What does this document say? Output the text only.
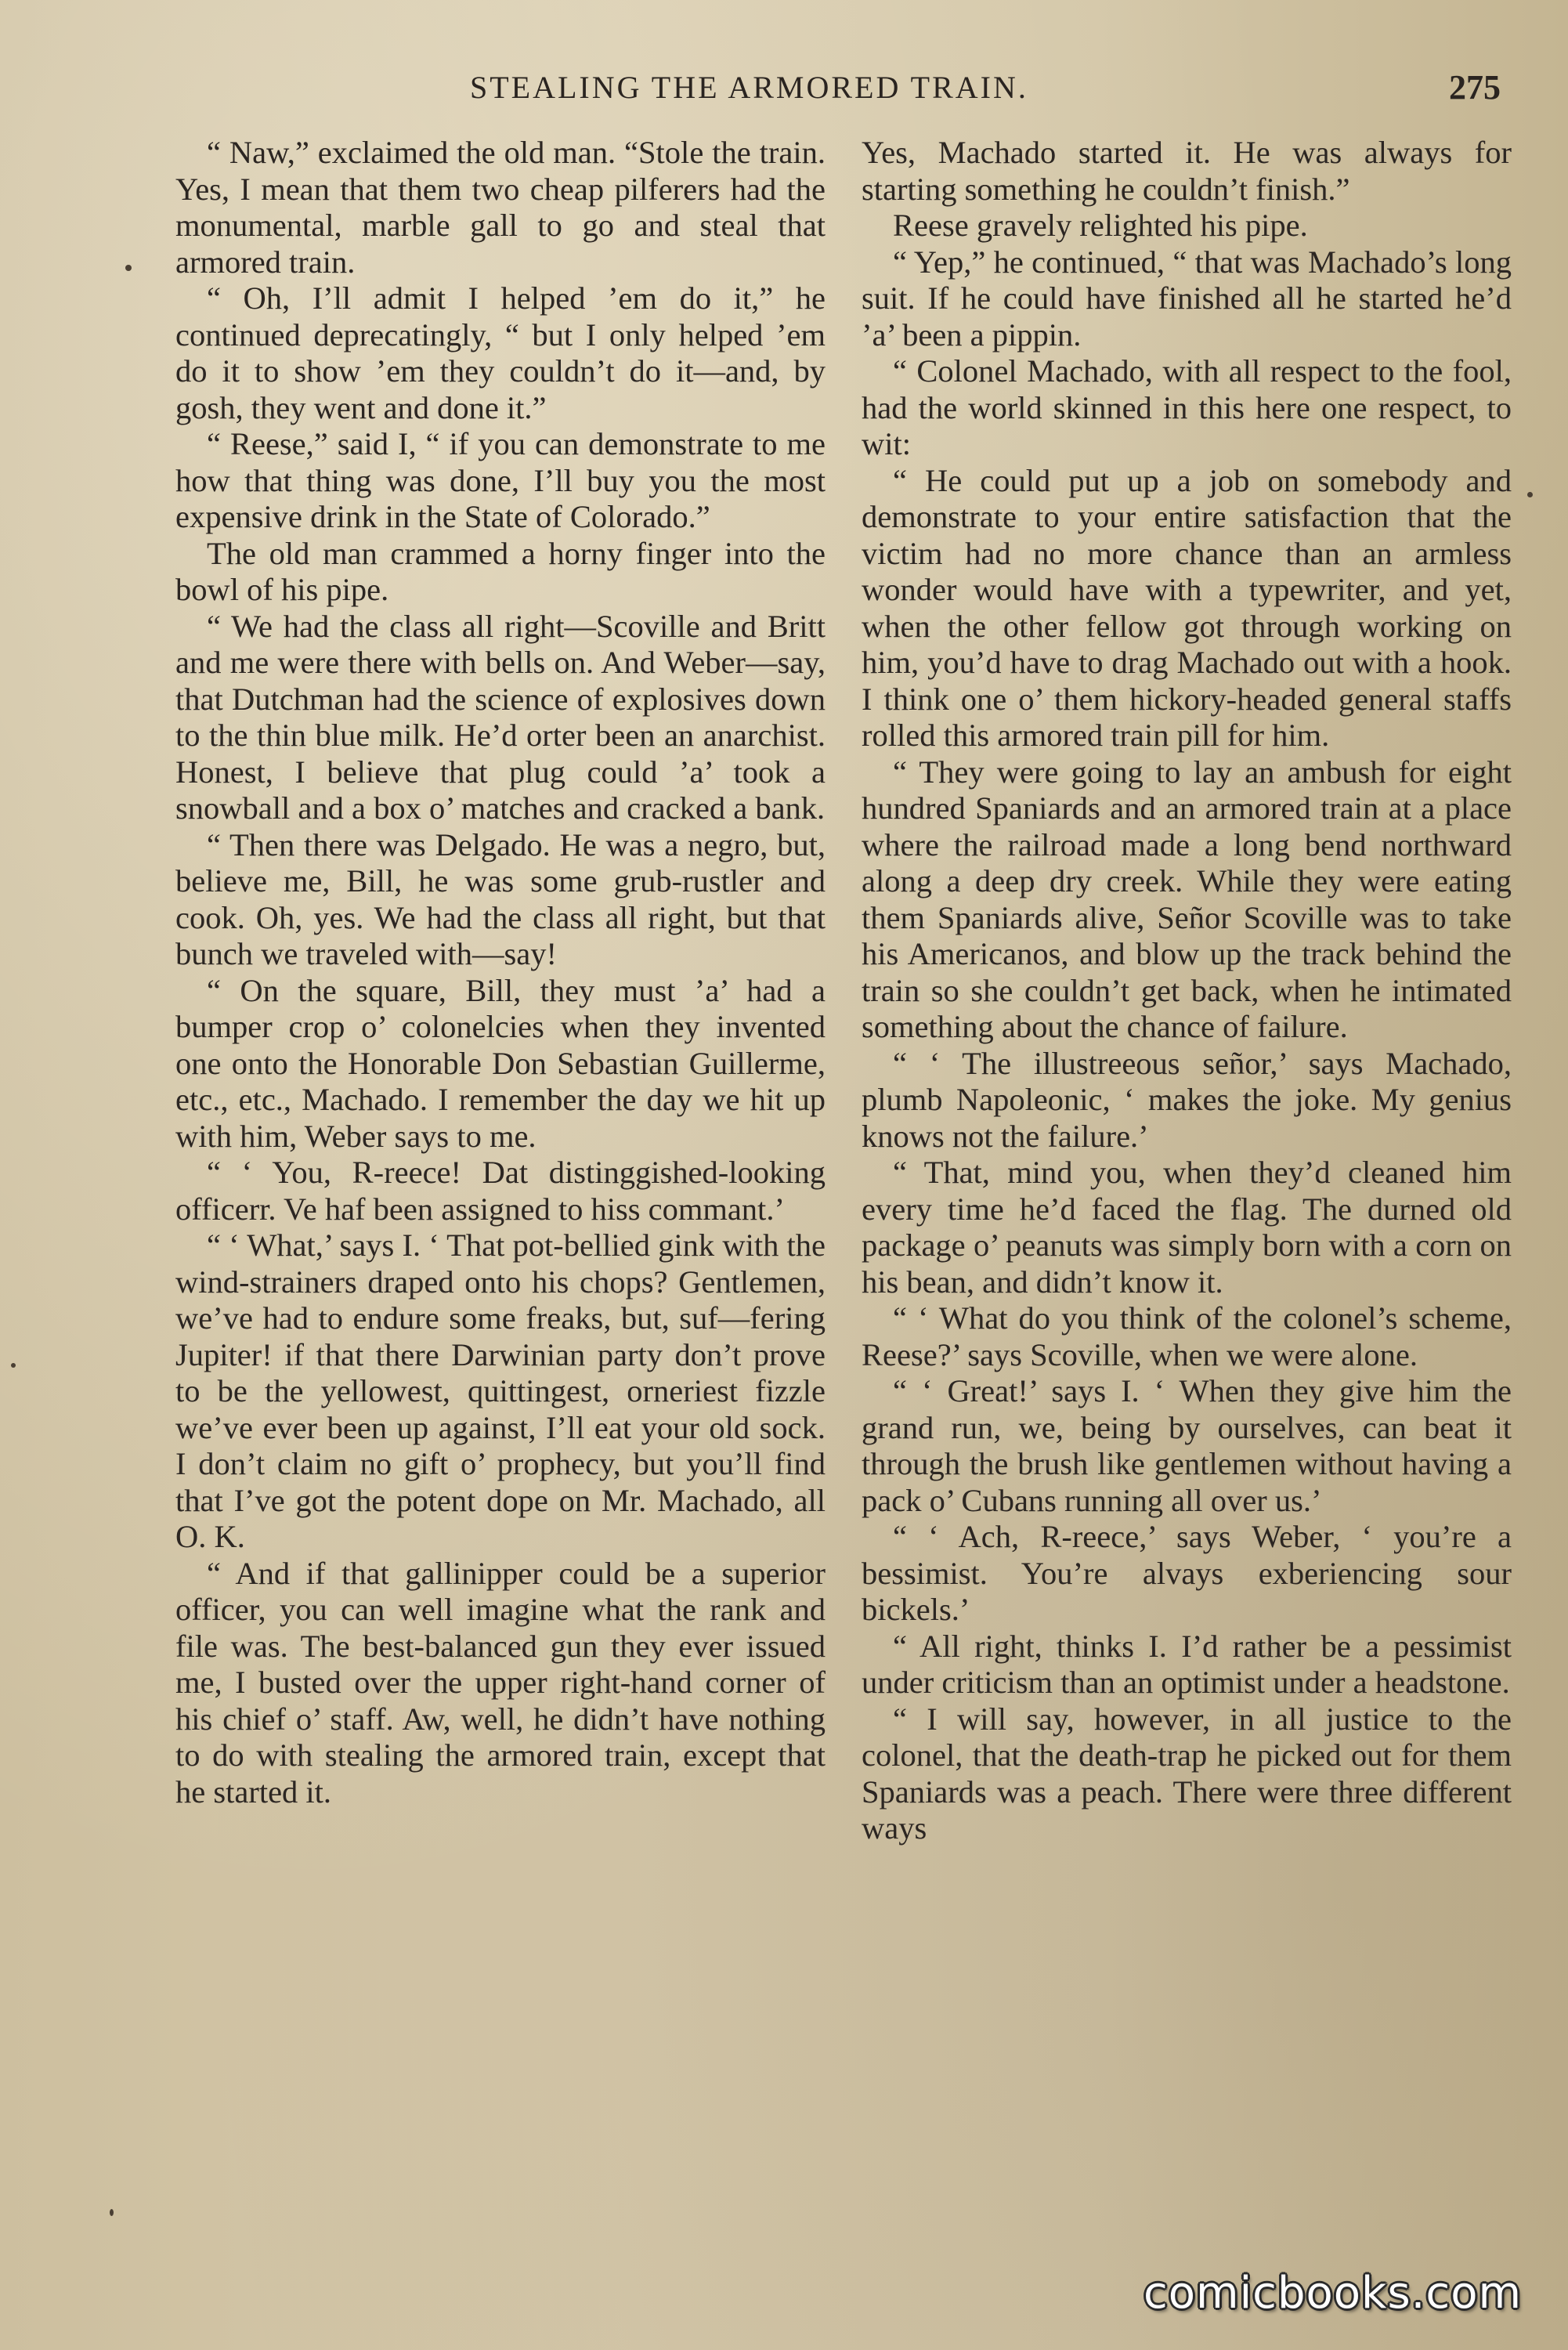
STEALING THE ARMORED TRAIN.	275

“ Naw,” exclaimed the old man. “Stole the train. Yes, I mean that them two cheap pilferers had the monumental, marble gall to go and steal that armored train.

“ Oh, I’ll admit I helped ’em do it,” he continued deprecatingly, “ but I only helped ’em do it to show ’em they couldn’t do it—and, by gosh, they went and done it.”

“ Reese,” said I, “ if you can demonstrate to me how that thing was done, I’ll buy you the most expensive drink in the State of Colorado.”

The old man crammed a horny finger into the bowl of his pipe.

“ We had the class all right—Scoville and Britt and me were there with bells on. And Weber—say, that Dutchman had the science of explosives down to the thin blue milk. He’d orter been an anarchist. Honest, I believe that plug could ’a’ took a snowball and a box o’ matches and cracked a bank.

“ Then there was Delgado. He was a negro, but, believe me, Bill, he was some grub-rustler and cook. Oh, yes. We had the class all right, but that bunch we traveled with—say!

“ On the square, Bill, they must ’a’ had a bumper crop o’ colonelcies when they invented one onto the Honorable Don Sebastian Guillerme, etc., etc., Machado. I remember the day we hit up with him, Weber says to me.

“ ‘ You, R-reece! Dat distinggished-looking officerr. Ve haf been assigned to hiss commant.’

“ ‘ What,’ says I. ‘ That pot-bellied gink with the wind-strainers draped onto his chops? Gentlemen, we’ve had to endure some freaks, but, suf—fering Jupiter! if that there Darwinian party don’t prove to be the yellowest, quittingest, orneriest fizzle we’ve ever been up against, I’ll eat your old sock. I don’t claim no gift o’ prophecy, but you’ll find that I’ve got the potent dope on Mr. Machado, all O. K.

“ And if that gallinipper could be a superior officer, you can well imagine what the rank and file was. The best-balanced gun they ever issued me, I busted over the upper right-hand corner of his chief o’ staff. Aw, well, he didn’t have nothing to do with stealing the armored train, except that he started it.

Yes, Machado started it. He was always for starting something he couldn’t finish.”

Reese gravely relighted his pipe.

“ Yep,” he continued, “ that was Machado’s long suit. If he could have finished all he started he’d ’a’ been a pippin.

“ Colonel Machado, with all respect to the fool, had the world skinned in this here one respect, to wit:

“ He could put up a job on somebody and demonstrate to your entire satisfaction that the victim had no more chance than an armless wonder would have with a typewriter, and yet, when the other fellow got through working on him, you’d have to drag Machado out with a hook. I think one o’ them hickory-headed general staffs rolled this armored train pill for him.

“ They were going to lay an ambush for eight hundred Spaniards and an armored train at a place where the railroad made a long bend northward along a deep dry creek. While they were eating them Spaniards alive, Señor Scoville was to take his Americanos, and blow up the track behind the train so she couldn’t get back, when he intimated something about the chance of failure.

“ ‘ The illustreeous señor,’ says Machado, plumb Napoleonic, ‘ makes the joke. My genius knows not the failure.’

“ That, mind you, when they’d cleaned him every time he’d faced the flag. The durned old package o’ peanuts was simply born with a corn on his bean, and didn’t know it.

“ ‘ What do you think of the colonel’s scheme, Reese?’ says Scoville, when we were alone.

“ ‘ Great!’ says I. ‘ When they give him the grand run, we, being by ourselves, can beat it through the brush like gentlemen without having a pack o’ Cubans running all over us.’

“ ‘ Ach, R-reece,’ says Weber, ‘ you’re a bessimist. You’re alvays exberiencing sour bickels.’

“ All right, thinks I. I’d rather be a pessimist under criticism than an optimist under a headstone.

“ I will say, however, in all justice to the colonel, that the death-trap he picked out for them Spaniards was a peach. There were three different ways

comicbooks.com
